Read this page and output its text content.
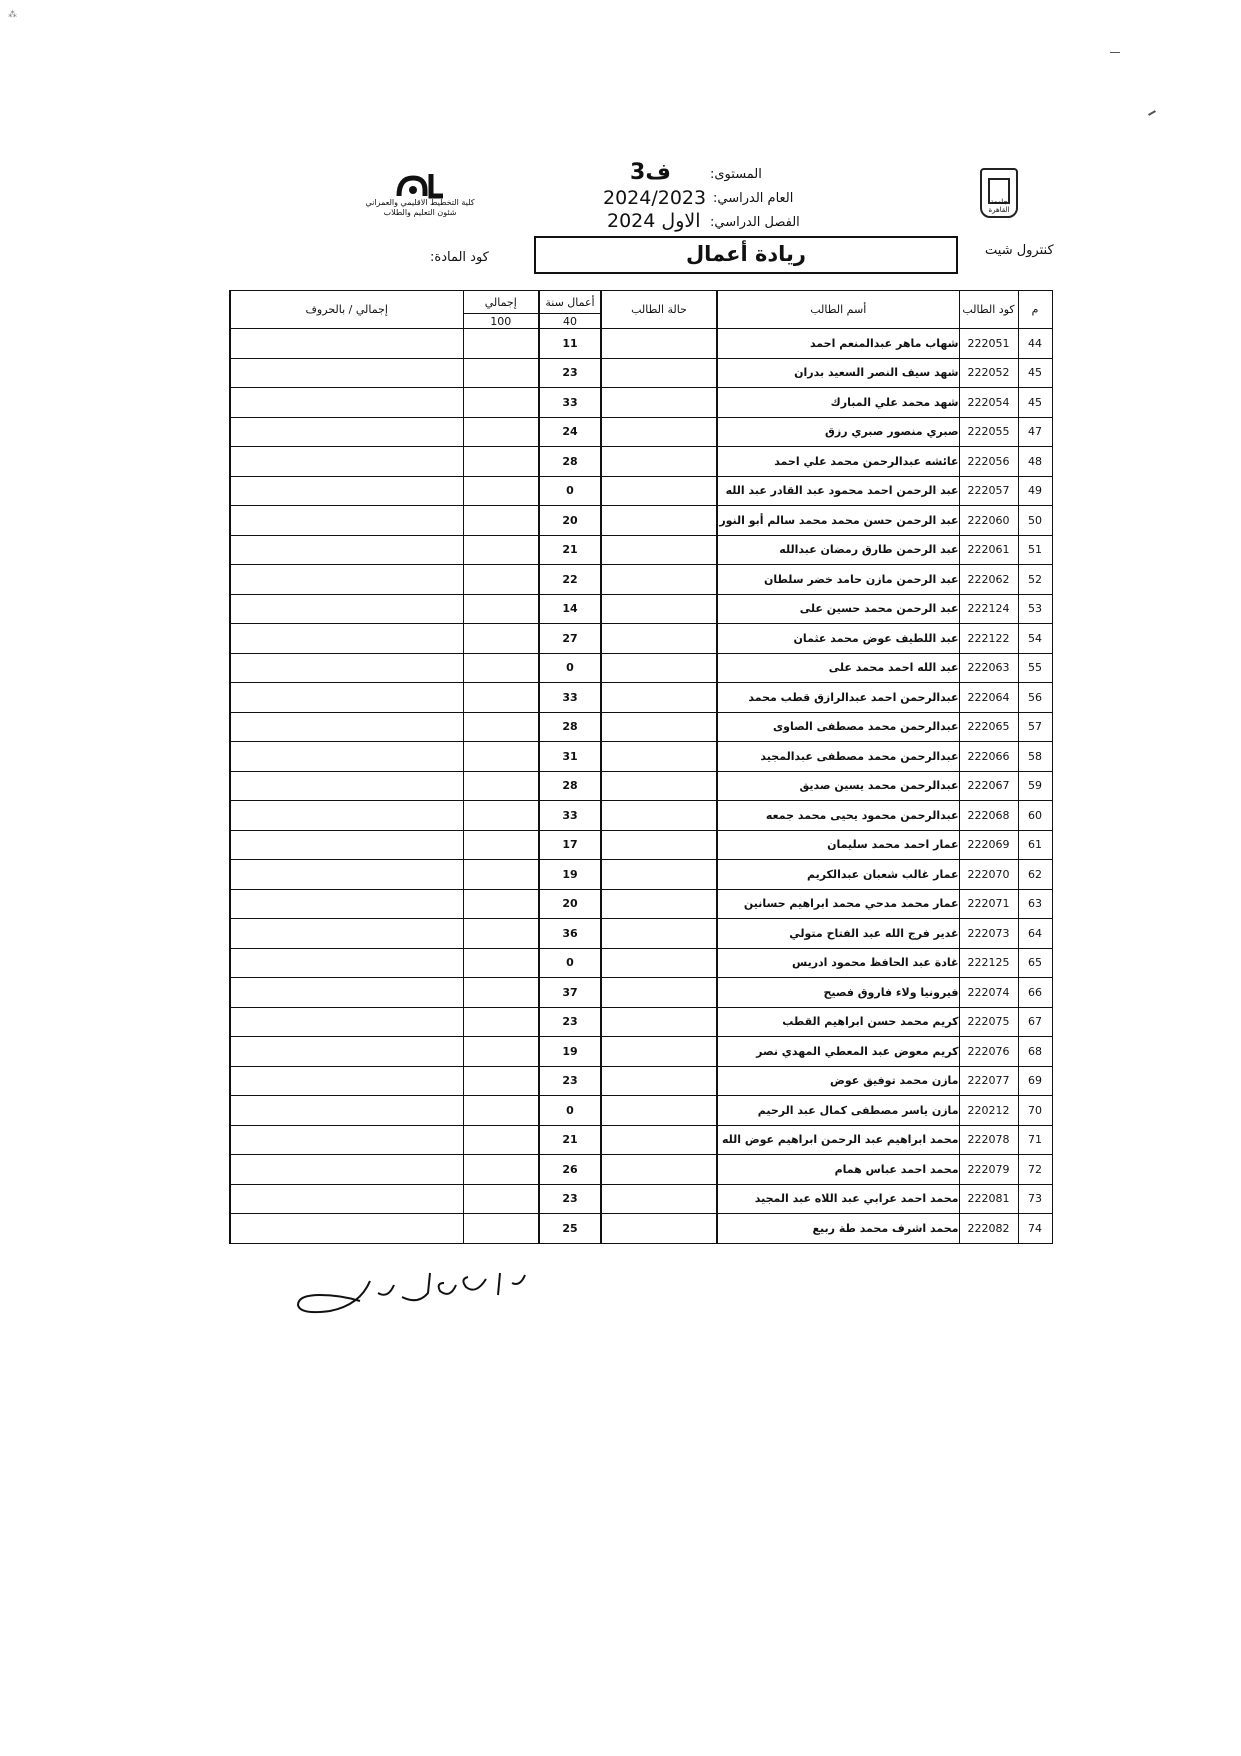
⁂
جامعة القاهرة
كلية التخطيط الاقليمي والعمراني
شئون التعليم والطلاب
المستوى:
ف3
العام الدراسي:
2024/2023
الفصل الدراسي:
الاول 2024
كنترول شيت
ريادة أعمال
كود المادة:
إجمالي / بالحروف	إجمالي	أعمال سنة	حالة الطالب	أسم الطالب	كود الطالب	م
	100	40				
		11		شهاب ماهر عبدالمنعم احمد	222051	44
		23		شهد سيف النصر السعيد بدران	222052	45
		33		شهد محمد علي المبارك	222054	45
		24		صبري منصور صبري رزق	222055	47
		28		عائشه عبدالرحمن محمد علي احمد	222056	48
		0		عبد الرحمن احمد محمود عبد القادر عبد الله	222057	49
		20		عبد الرحمن حسن محمد محمد سالم أبو النور	222060	50
		21		عبد الرحمن طارق رمضان عبدالله	222061	51
		22		عبد الرحمن مازن حامد خضر سلطان	222062	52
		14		عبد الرحمن محمد حسين على	222124	53
		27		عبد اللطيف عوض محمد عثمان	222122	54
		0		عبد الله احمد محمد على	222063	55
		33		عبدالرحمن احمد عبدالرازق قطب محمد	222064	56
		28		عبدالرحمن محمد مصطفى الصاوى	222065	57
		31		عبدالرحمن محمد مصطفى عبدالمجيد	222066	58
		28		عبدالرحمن محمد يسين صديق	222067	59
		33		عبدالرحمن محمود يحيى محمد جمعه	222068	60
		17		عمار احمد محمد سليمان	222069	61
		19		عمار غالب شعبان عبدالكريم	222070	62
		20		عمار محمد مدحي محمد ابراهيم حسانين	222071	63
		36		غدير فرج الله عبد الفتاح متولي	222073	64
		0		غادة عبد الحافظ محمود ادريس	222125	65
		37		فيرونيا ولاء فاروق فصيح	222074	66
		23		كريم محمد حسن ابراهيم القطب	222075	67
		19		كريم معوض عبد المعطي المهدي نصر	222076	68
		23		مازن محمد توفيق عوض	222077	69
		0		مازن ياسر مصطفى كمال عبد الرحيم	220212	70
		21		محمد ابراهيم عبد الرحمن ابراهيم عوض الله	222078	71
		26		محمد احمد عباس همام	222079	72
		23		محمد احمد عرابي عبد اللاه عبد المجيد	222081	73
		25		محمد اشرف محمد طة ربيع	222082	74
د / إيمان عزت
